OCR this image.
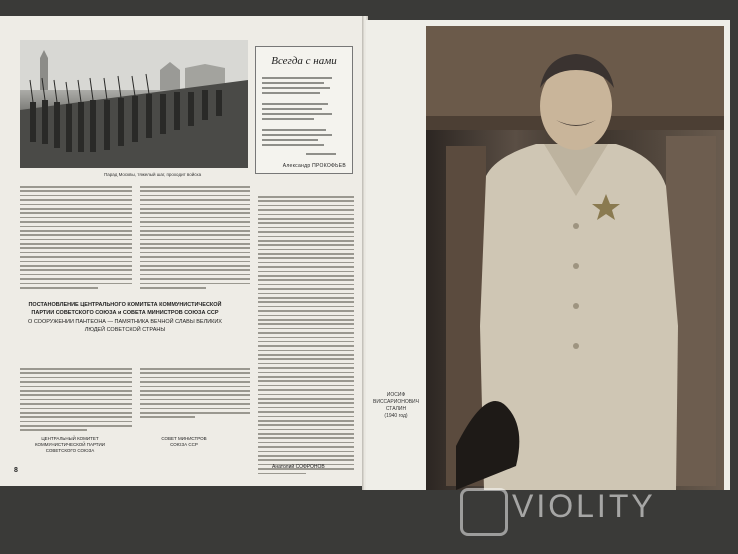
Парад Москвы, тяжелый шаг, проходит войска
Всегда с нами
Александр ПРОКОФЬЕВ
ПОСТАНОВЛЕНИЕ ЦЕНТРАЛЬНОГО КОМИТЕТА КОММУНИСТИЧЕСКОЙ ПАРТИИ СОВЕТСКОГО СОЮЗА и СОВЕТА МИНИСТРОВ СОЮЗА ССР
О СООРУЖЕНИИ ПАНТЕОНА — ПАМЯТНИКА ВЕЧНОЙ СЛАВЫ ВЕЛИКИХ ЛЮДЕЙ СОВЕТСКОЙ СТРАНЫ
ЦЕНТРАЛЬНЫЙ КОМИТЕТ КОММУНИСТИЧЕСКОЙ ПАРТИИ СОВЕТСКОГО СОЮЗА
СОВЕТ МИНИСТРОВ СОЮЗА ССР
Анатолий СОФРОНОВ
8
ИОСИФ
ВИССАРИОНОВИЧ
СТАЛИН
(1940 год)
VIOLITY
